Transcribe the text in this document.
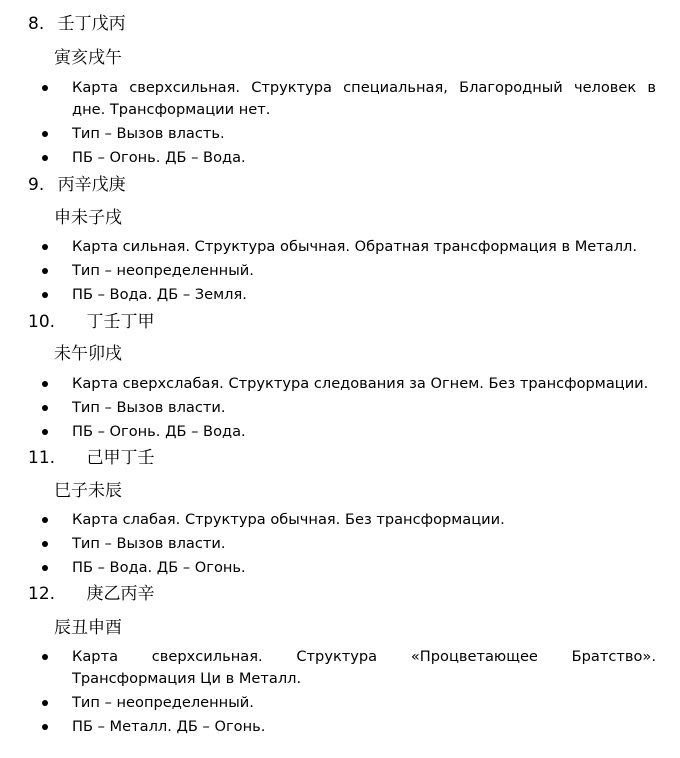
8. 壬丁戊丙
寅亥戌午
Карта сверхсильная. Структура специальная, Благородный человек в
дне. Трансформации нет.
Тип – Вызов власть.
ПБ – Огонь. ДБ – Вода.
9. 丙辛戊庚
申未子戌
Карта сильная. Структура обычная. Обратная трансформация в Металл.
Тип – неопределенный.
ПБ – Вода. ДБ – Земля.
10. 丁壬丁甲
未午卯戌
Карта сверхслабая. Структура следования за Огнем. Без трансформации.
Тип – Вызов власти.
ПБ – Огонь. ДБ – Вода.
11. 己甲丁壬
巳子未辰
Карта слабая. Структура обычная. Без трансформации.
Тип – Вызов власти.
ПБ – Вода. ДБ – Огонь.
12. 庚乙丙辛
辰丑申酉
Карта сверхсильная. Структура «Процветающее Братство».
Трансформация Ци в Металл.
Тип – неопределенный.
ПБ – Металл. ДБ – Огонь.
